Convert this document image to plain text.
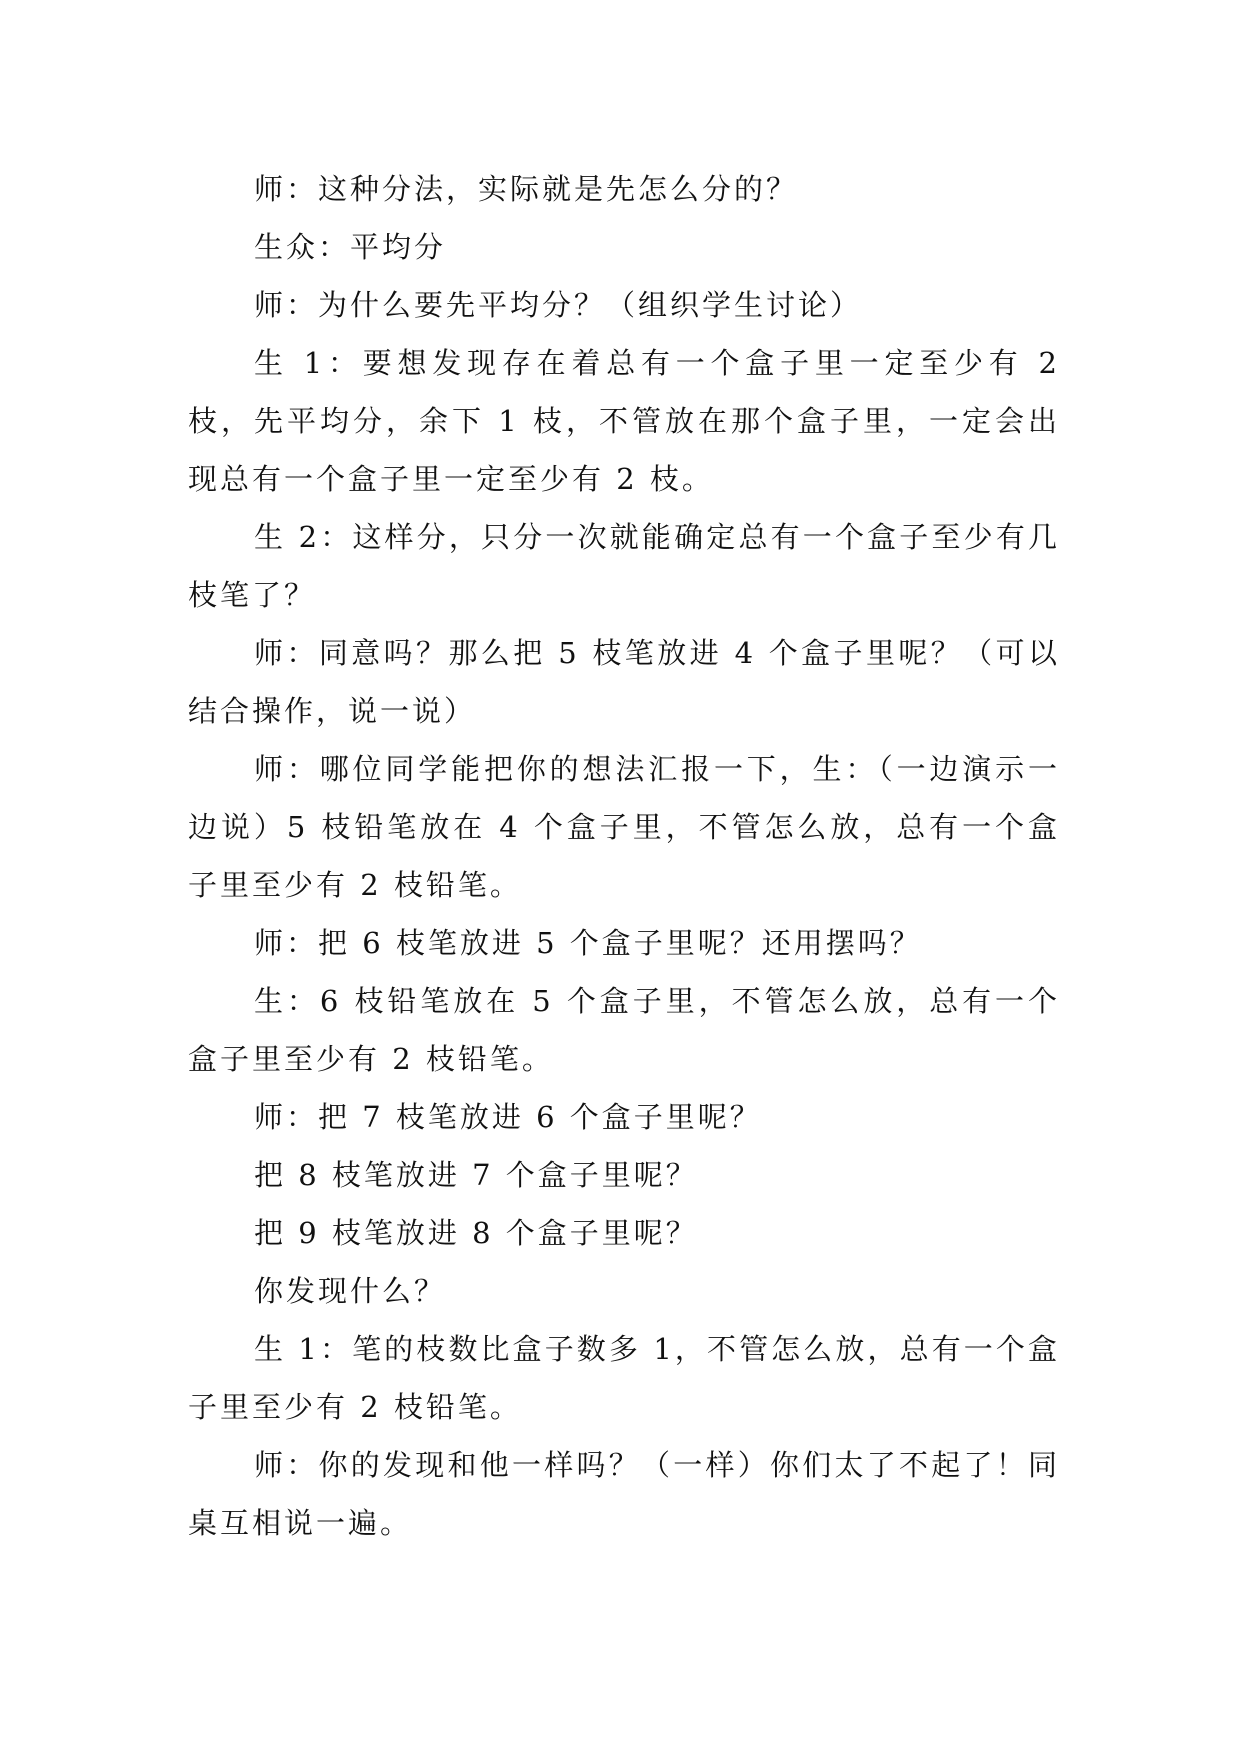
师：这种分法，实际就是先怎么分的？

生众：平均分

师：为什么要先平均分？（组织学生讨论）

生 1：要想发现存在着总有一个盒子里一定至少有 2 枝，先平均分，余下 1 枝，不管放在那个盒子里，一定会出现总有一个盒子里一定至少有 2 枝。

生 2：这样分，只分一次就能确定总有一个盒子至少有几枝笔了？

师：同意吗？那么把 5 枝笔放进 4 个盒子里呢？（可以结合操作，说一说）

师：哪位同学能把你的想法汇报一下，生：（一边演示一边说）5 枝铅笔放在 4 个盒子里，不管怎么放，总有一个盒子里至少有 2 枝铅笔。

师：把 6 枝笔放进 5 个盒子里呢？还用摆吗？

生：6 枝铅笔放在 5 个盒子里，不管怎么放，总有一个盒子里至少有 2 枝铅笔。

师：把 7 枝笔放进 6 个盒子里呢？

把 8 枝笔放进 7 个盒子里呢？

把 9 枝笔放进 8 个盒子里呢？

你发现什么？

生 1：笔的枝数比盒子数多 1，不管怎么放，总有一个盒子里至少有 2 枝铅笔。

师：你的发现和他一样吗？（一样）你们太了不起了！同桌互相说一遍。
